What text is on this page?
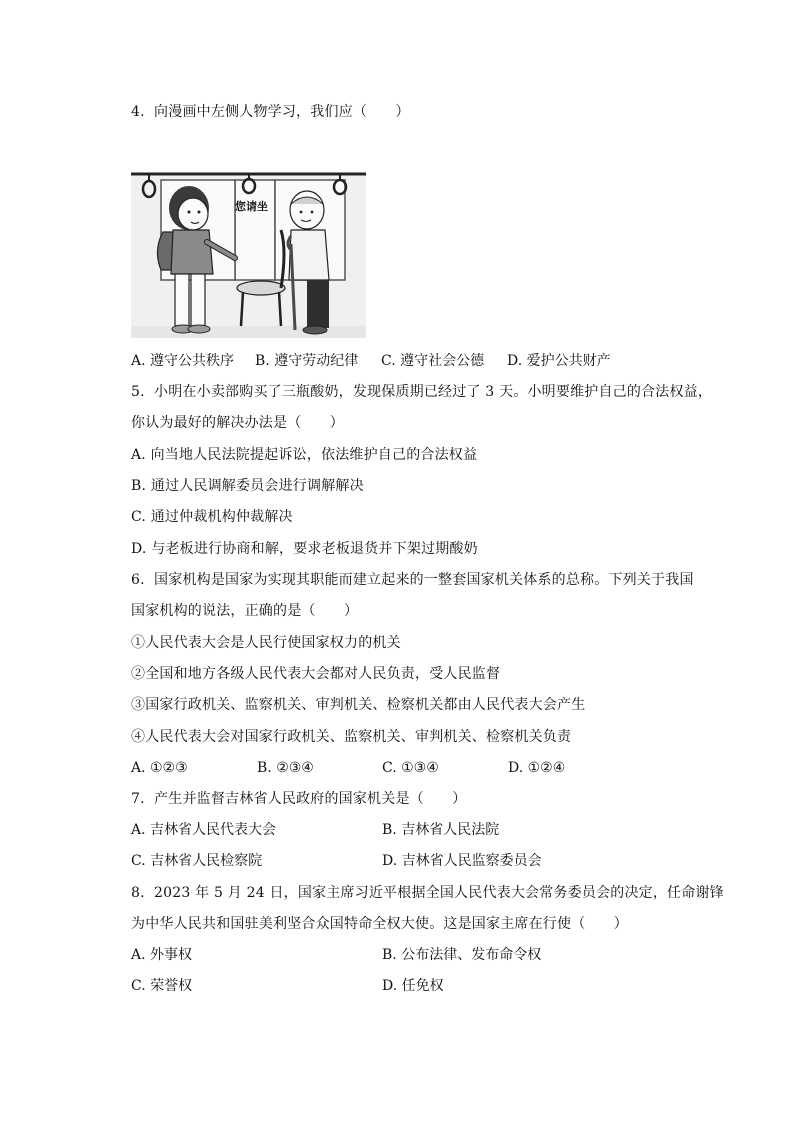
4.  向漫画中左侧人物学习，我们应（　　）
您请坐
A. 遵守公共秩序 B. 遵守劳动纪律 C. 遵守社会公德 D. 爱护公共财产
5.  小明在小卖部购买了三瓶酸奶，发现保质期已经过了 3 天。小明要维护自己的合法权益，
你认为最好的解决办法是（　　）
A. 向当地人民法院提起诉讼，依法维护自己的合法权益
B. 通过人民调解委员会进行调解解决
C. 通过仲裁机构仲裁解决
D. 与老板进行协商和解，要求老板退货并下架过期酸奶
6.  国家机构是国家为实现其职能而建立起来的一整套国家机关体系的总称。下列关于我国
国家机构的说法，正确的是（　　）
①人民代表大会是人民行使国家权力的机关
②全国和地方各级人民代表大会都对人民负责，受人民监督
③国家行政机关、监察机关、审判机关、检察机关都由人民代表大会产生
④人民代表大会对国家行政机关、监察机关、审判机关、检察机关负责
A. ①②③	B. ②③④	C. ①③④	D. ①②④
7.  产生并监督吉林省人民政府的国家机关是（　　）
A. 吉林省人民代表大会	B. 吉林省人民法院
C. 吉林省人民检察院	D. 吉林省人民监察委员会
8.  2023 年 5 月 24 日，国家主席习近平根据全国人民代表大会常务委员会的决定，任命谢锋
为中华人民共和国驻美利坚合众国特命全权大使。这是国家主席在行使（　　）
A. 外事权	B. 公布法律、发布命令权
C. 荣誉权	D. 任免权
